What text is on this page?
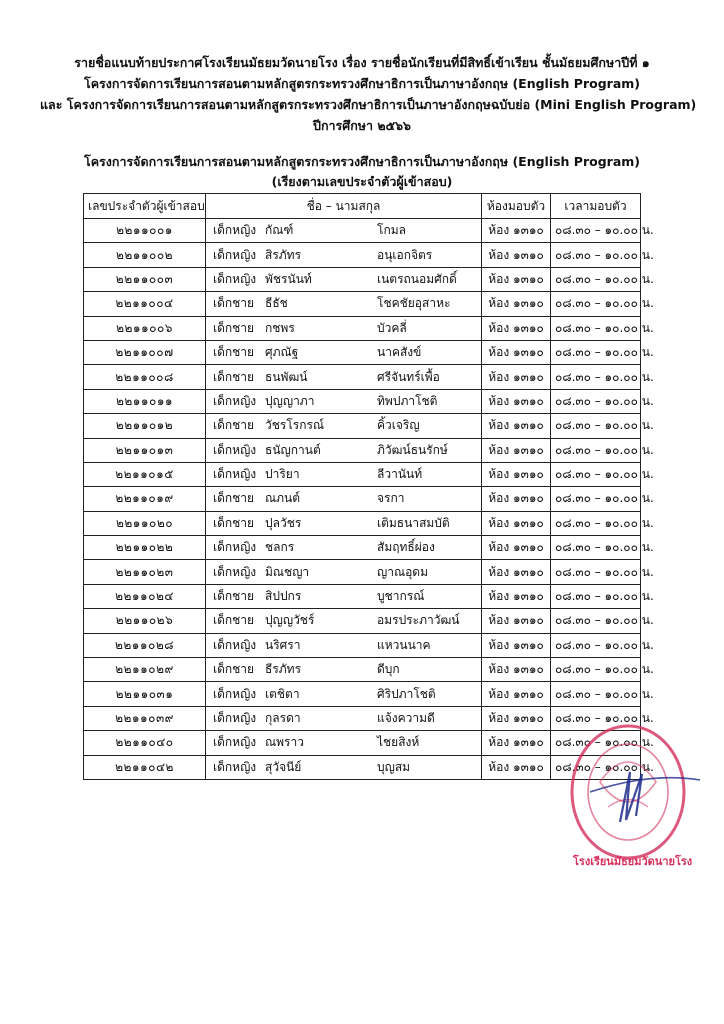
รายชื่อแนบท้ายประกาศโรงเรียนมัธยมวัดนายโรง เรื่อง รายชื่อนักเรียนที่มีสิทธิ์เข้าเรียน ชั้นมัธยมศึกษาปีที่ ๑
โครงการจัดการเรียนการสอนตามหลักสูตรกระทรวงศึกษาธิการเป็นภาษาอังกฤษ (English Program)
และ โครงการจัดการเรียนการสอนตามหลักสูตรกระทรวงศึกษาธิการเป็นภาษาอังกฤษฉบับย่อ (Mini English Program)
ปีการศึกษา ๒๕๖๖
โครงการจัดการเรียนการสอนตามหลักสูตรกระทรวงศึกษาธิการเป็นภาษาอังกฤษ (English Program)
(เรียงตามเลขประจำตัวผู้เข้าสอบ)
เลขประจำตัวผู้เข้าสอบ	ชื่อ – นามสกุล	ห้องมอบตัว	เวลามอบตัว
๒๒๑๑๐๐๑	เด็กหญิง กัณฑ์ โกมล	ห้อง ๑๓๑๐	๐๘.๓๐ – ๑๐.๐๐ น.
๒๒๑๑๐๐๒	เด็กหญิง สิรภัทร อนุเอกจิตร	ห้อง ๑๓๑๐	๐๘.๓๐ – ๑๐.๐๐ น.
๒๒๑๑๐๐๓	เด็กหญิง พัชรนันท์ เนตรถนอมศักดิ์	ห้อง ๑๓๑๐	๐๘.๓๐ – ๑๐.๐๐ น.
๒๒๑๑๐๐๔	เด็กชาย ธีธัช โชคชัยอุสาหะ	ห้อง ๑๓๑๐	๐๘.๓๐ – ๑๐.๐๐ น.
๒๒๑๑๐๐๖	เด็กชาย กชพร บัวคลี่	ห้อง ๑๓๑๐	๐๘.๓๐ – ๑๐.๐๐ น.
๒๒๑๑๐๐๗	เด็กชาย ศุภณัฐ นาคสังข์	ห้อง ๑๓๑๐	๐๘.๓๐ – ๑๐.๐๐ น.
๒๒๑๑๐๐๘	เด็กชาย ธนพัฒน์ ศรีจันทร์เพื้อ	ห้อง ๑๓๑๐	๐๘.๓๐ – ๑๐.๐๐ น.
๒๒๑๑๐๑๑	เด็กหญิง ปุญญาภา ทิพปภาโชติ	ห้อง ๑๓๑๐	๐๘.๓๐ – ๑๐.๐๐ น.
๒๒๑๑๐๑๒	เด็กชาย วัชรโรกรณ์ คิ้วเจริญ	ห้อง ๑๓๑๐	๐๘.๓๐ – ๑๐.๐๐ น.
๒๒๑๑๐๑๓	เด็กหญิง ธนัญกานต์ ภิวัฒน์ธนรักษ์	ห้อง ๑๓๑๐	๐๘.๓๐ – ๑๐.๐๐ น.
๒๒๑๑๐๑๕	เด็กหญิง ปาริยา ลีวานันท์	ห้อง ๑๓๑๐	๐๘.๓๐ – ๑๐.๐๐ น.
๒๒๑๑๐๑๙	เด็กชาย ณภนต์ จรกา	ห้อง ๑๓๑๐	๐๘.๓๐ – ๑๐.๐๐ น.
๒๒๑๑๐๒๐	เด็กชาย ปุลวัชร เติมธนาสมบัติ	ห้อง ๑๓๑๐	๐๘.๓๐ – ๑๐.๐๐ น.
๒๒๑๑๐๒๒	เด็กหญิง ชลกร สัมฤทธิ์ผ่อง	ห้อง ๑๓๑๐	๐๘.๓๐ – ๑๐.๐๐ น.
๒๒๑๑๐๒๓	เด็กหญิง มิณชญา ญาณอุดม	ห้อง ๑๓๑๐	๐๘.๓๐ – ๑๐.๐๐ น.
๒๒๑๑๐๒๔	เด็กชาย สิปปกร บูชากรณ์	ห้อง ๑๓๑๐	๐๘.๓๐ – ๑๐.๐๐ น.
๒๒๑๑๐๒๖	เด็กชาย ปุญญวัชร์ อมรประภาวัฒน์	ห้อง ๑๓๑๐	๐๘.๓๐ – ๑๐.๐๐ น.
๒๒๑๑๐๒๘	เด็กหญิง นริศรา แหวนนาค	ห้อง ๑๓๑๐	๐๘.๓๐ – ๑๐.๐๐ น.
๒๒๑๑๐๒๙	เด็กชาย ธีรภัทร ดีบุก	ห้อง ๑๓๑๐	๐๘.๓๐ – ๑๐.๐๐ น.
๒๒๑๑๐๓๑	เด็กหญิง เตชิตา ศิริปภาโชติ	ห้อง ๑๓๑๐	๐๘.๓๐ – ๑๐.๐๐ น.
๒๒๑๑๐๓๙	เด็กหญิง กุลรดา แจ้งความดี	ห้อง ๑๓๑๐	๐๘.๓๐ – ๑๐.๐๐ น.
๒๒๑๑๐๔๐	เด็กหญิง ณพราว ไชยสิงห์	ห้อง ๑๓๑๐	๐๘.๓๐ – ๑๐.๐๐ น.
๒๒๑๑๐๔๒	เด็กหญิง สุวัจนีย์ บุญสม	ห้อง ๑๓๑๐	๐๘.๓๐ – ๑๐.๐๐ น.
โรงเรียนมัธยมวัดนายโรง
